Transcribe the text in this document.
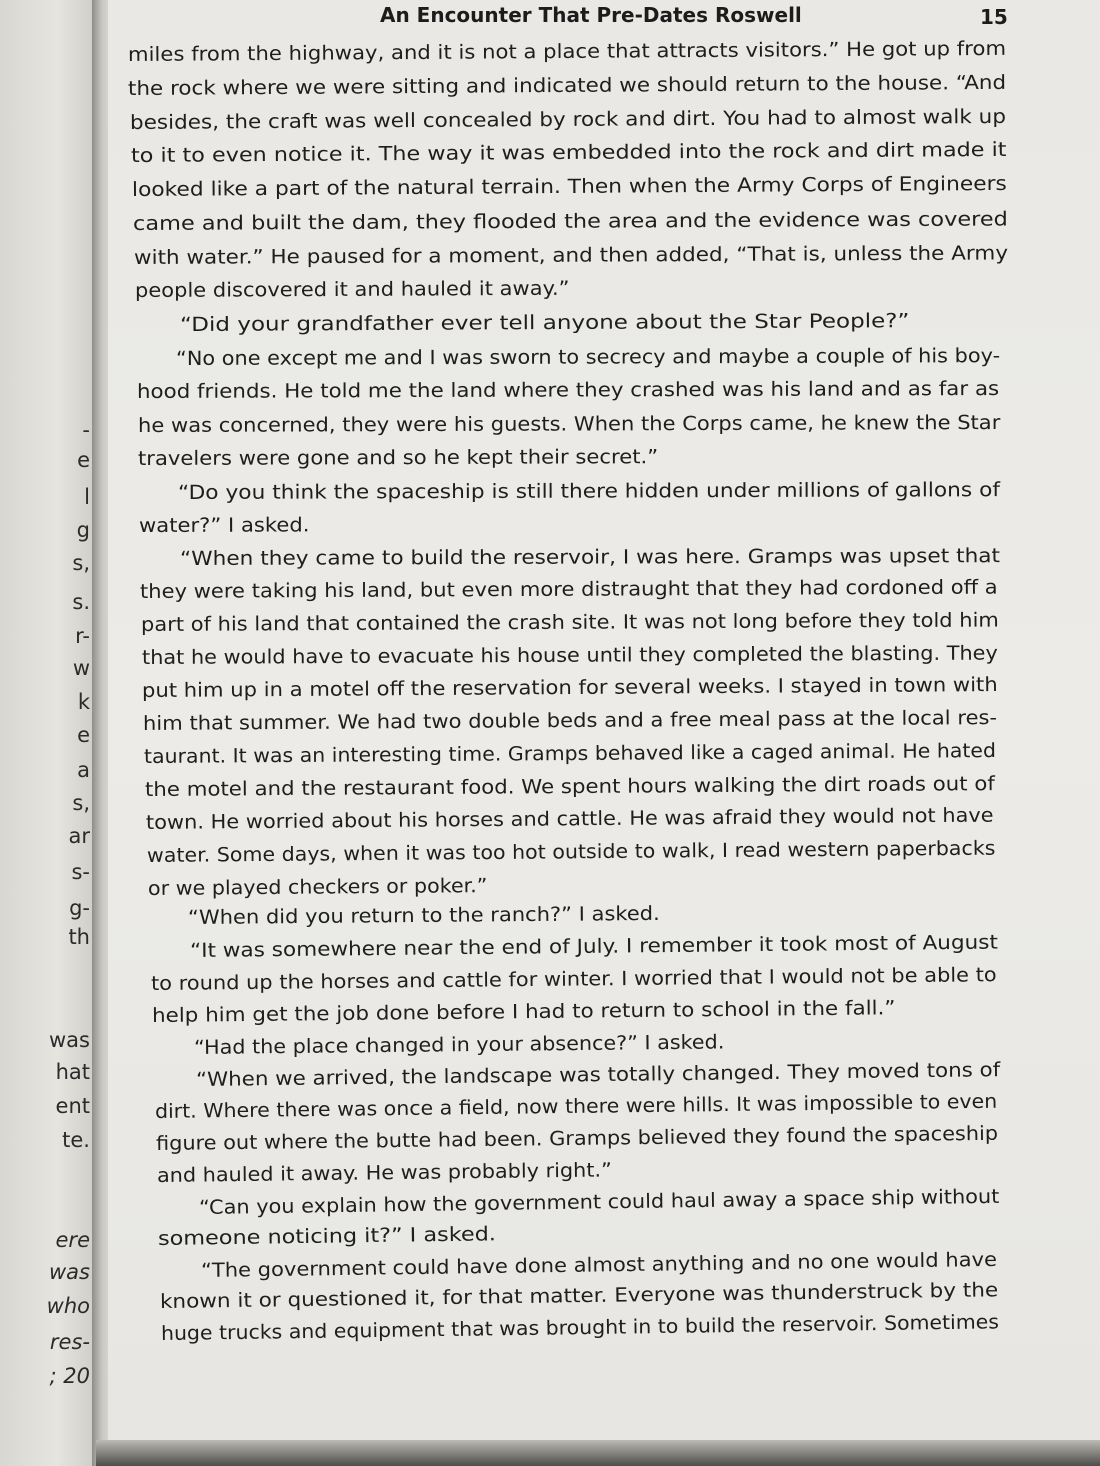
-
e
l
g
s,
s.
r-
w
k
e
a
s,
ar
s-
g-
th
was
hat
ent
te.
ere
was
who
res-
; 20
An Encounter That Pre-Dates Roswell	15
miles from the highway, and it is not a place that attracts visitors.” He got up from
the rock where we were sitting and indicated we should return to the house. “And
besides, the craft was well concealed by rock and dirt. You had to almost walk up
to it to even notice it. The way it was embedded into the rock and dirt made it
looked like a part of the natural terrain. Then when the Army Corps of Engineers
came and built the dam, they flooded the area and the evidence was covered
with water.” He paused for a moment, and then added, “That is, unless the Army
people discovered it and hauled it away.”
“Did your grandfather ever tell anyone about the Star People?”
“No one except me and I was sworn to secrecy and maybe a couple of his boy-
hood friends. He told me the land where they crashed was his land and as far as
he was concerned, they were his guests. When the Corps came, he knew the Star
travelers were gone and so he kept their secret.”
“Do you think the spaceship is still there hidden under millions of gallons of
water?” I asked.
“When they came to build the reservoir, I was here. Gramps was upset that
they were taking his land, but even more distraught that they had cordoned off a
part of his land that contained the crash site. It was not long before they told him
that he would have to evacuate his house until they completed the blasting. They
put him up in a motel off the reservation for several weeks. I stayed in town with
him that summer. We had two double beds and a free meal pass at the local res-
taurant. It was an interesting time. Gramps behaved like a caged animal. He hated
the motel and the restaurant food. We spent hours walking the dirt roads out of
town. He worried about his horses and cattle. He was afraid they would not have
water. Some days, when it was too hot outside to walk, I read western paperbacks
or we played checkers or poker.”
“When did you return to the ranch?” I asked.
“It was somewhere near the end of July. I remember it took most of August
to round up the horses and cattle for winter. I worried that I would not be able to
help him get the job done before I had to return to school in the fall.”
“Had the place changed in your absence?” I asked.
“When we arrived, the landscape was totally changed. They moved tons of
dirt. Where there was once a field, now there were hills. It was impossible to even
figure out where the butte had been. Gramps believed they found the spaceship
and hauled it away. He was probably right.”
“Can you explain how the government could haul away a space ship without
someone noticing it?” I asked.
“The government could have done almost anything and no one would have
known it or questioned it, for that matter. Everyone was thunderstruck by the
huge trucks and equipment that was brought in to build the reservoir. Sometimes
